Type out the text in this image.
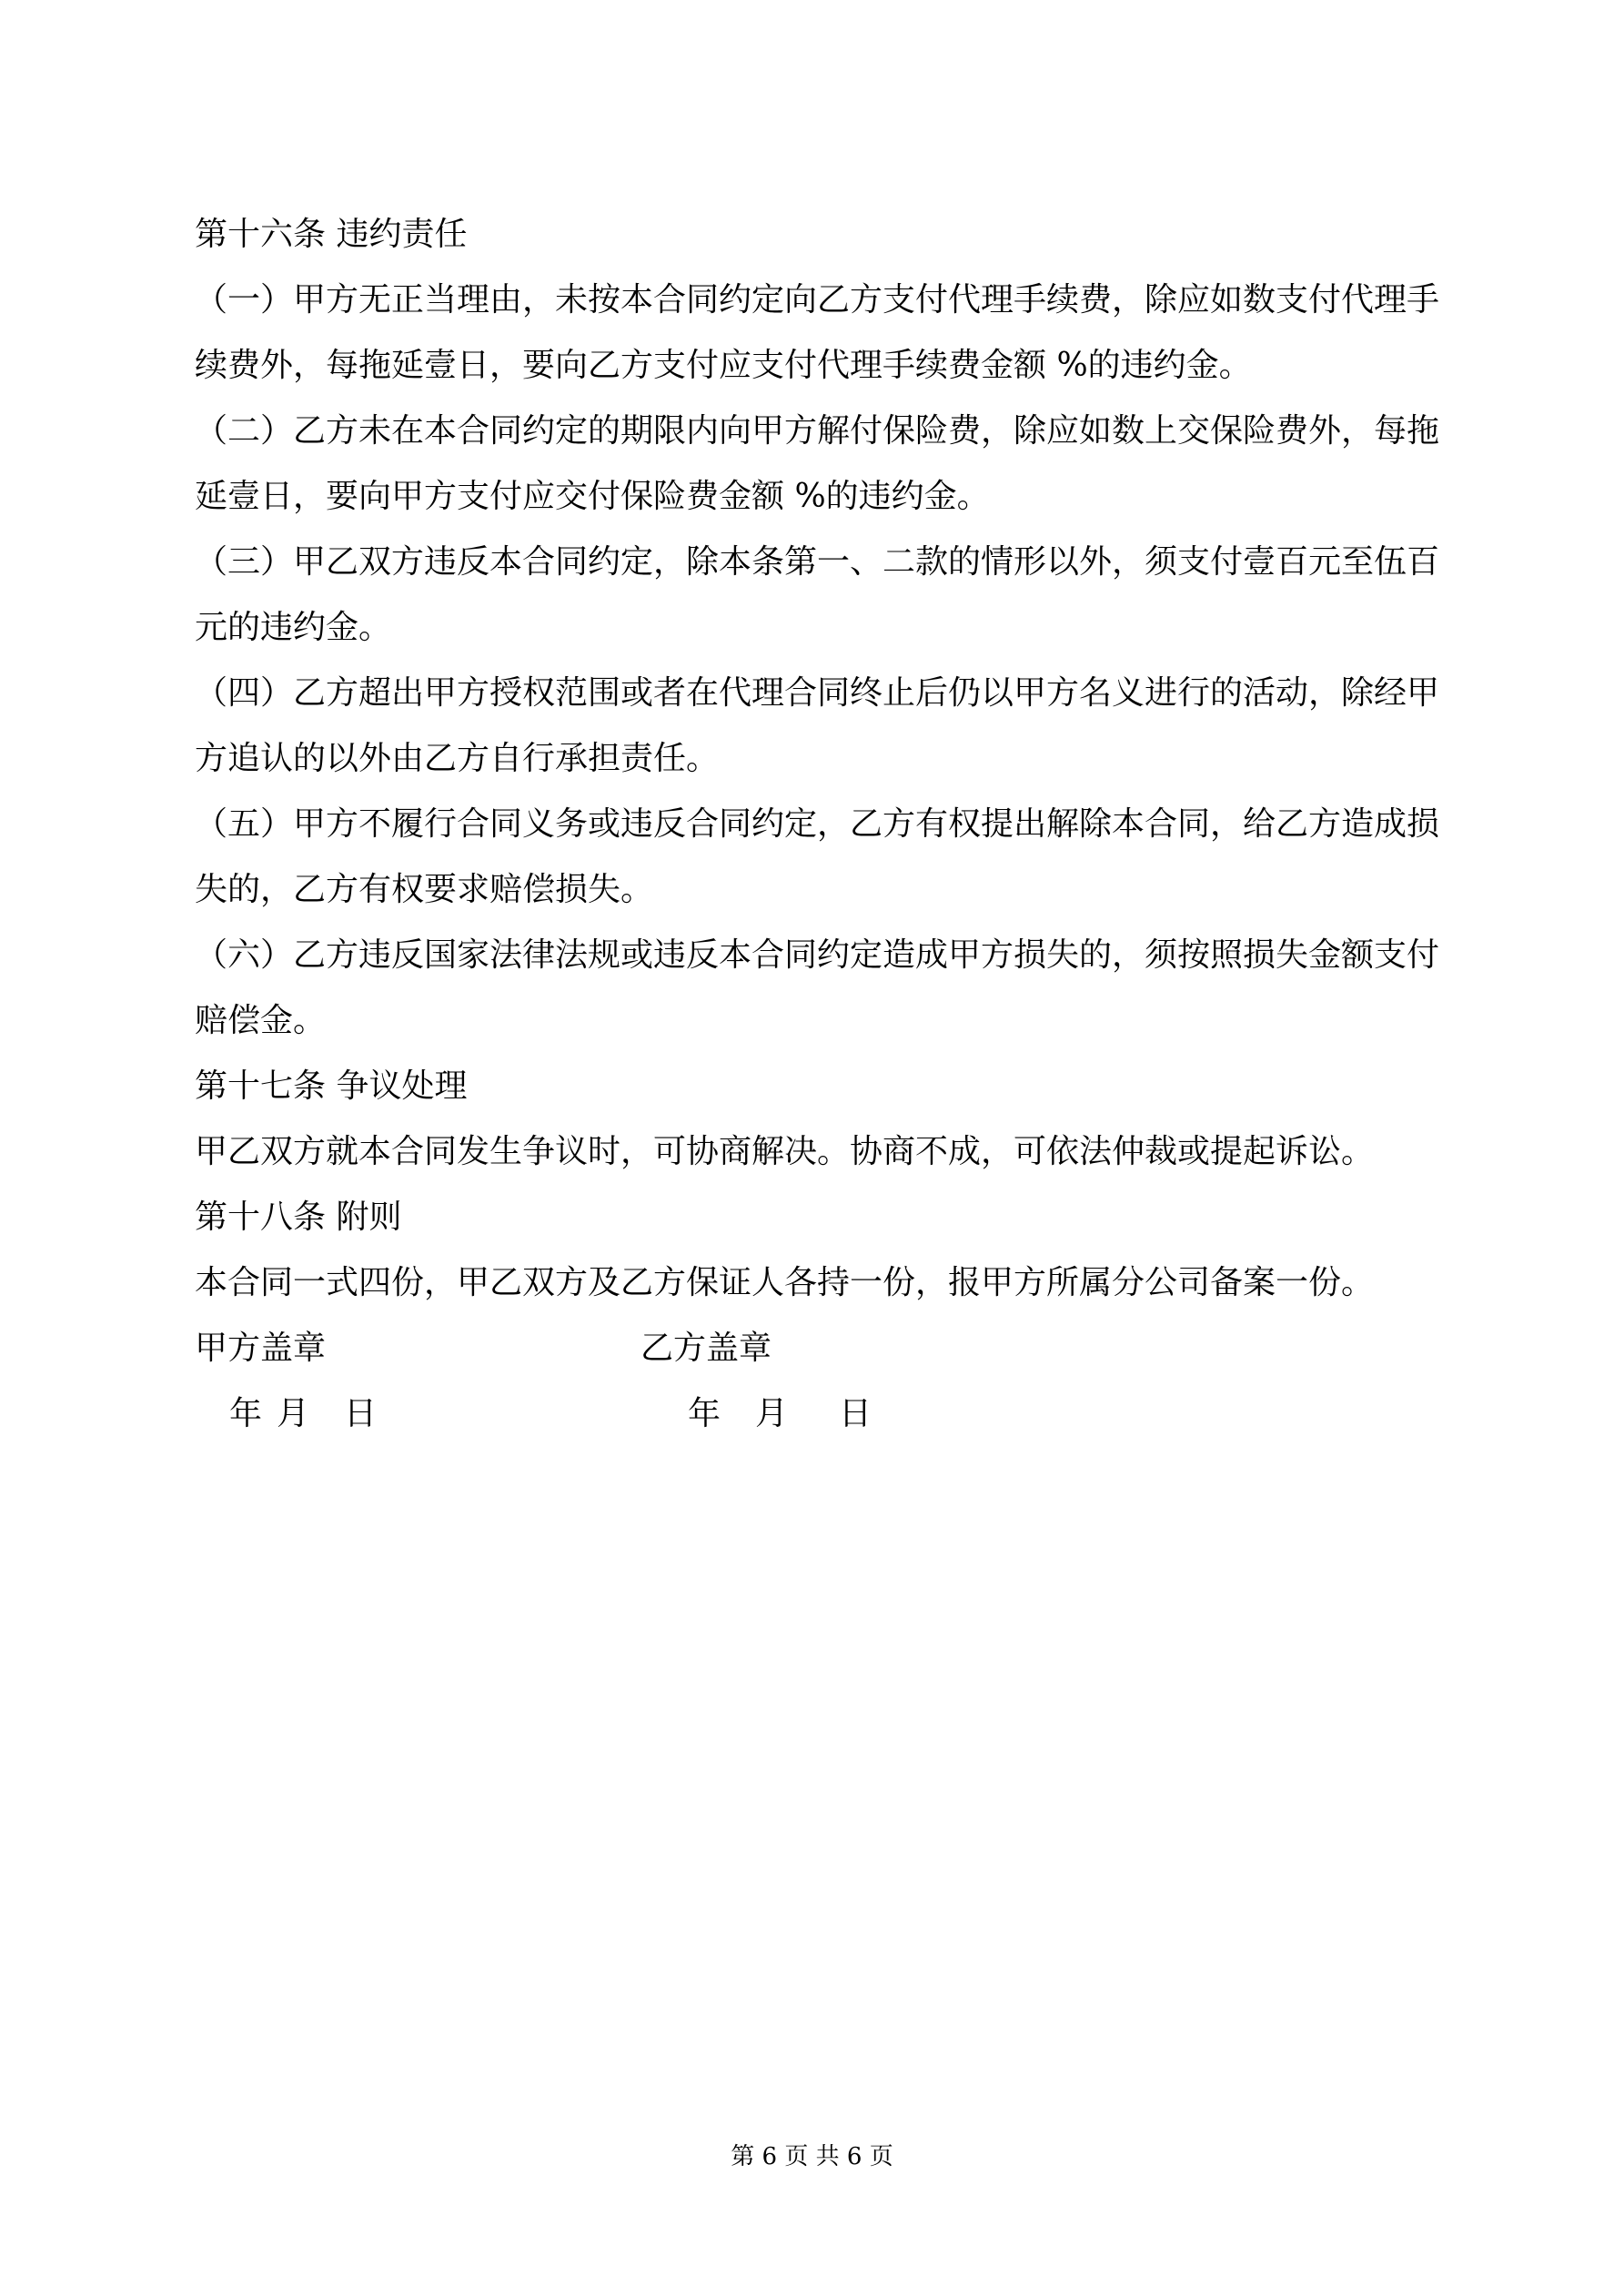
第十六条 违约责任
（一）甲方无正当理由，未按本合同约定向乙方支付代理手续费，除应如数支付代理手
续费外，每拖延壹日，要向乙方支付应支付代理手续费金额 %的违约金。
（二）乙方未在本合同约定的期限内向甲方解付保险费，除应如数上交保险费外，每拖
延壹日，要向甲方支付应交付保险费金额 %的违约金。
（三）甲乙双方违反本合同约定，除本条第一、二款的情形以外，须支付壹百元至伍百
元的违约金。
（四）乙方超出甲方授权范围或者在代理合同终止后仍以甲方名义进行的活动，除经甲
方追认的以外由乙方自行承担责任。
（五）甲方不履行合同义务或违反合同约定，乙方有权提出解除本合同，给乙方造成损
失的，乙方有权要求赔偿损失。
（六）乙方违反国家法律法规或违反本合同约定造成甲方损失的，须按照损失金额支付
赔偿金。
第十七条 争议处理
甲乙双方就本合同发生争议时，可协商解决。协商不成，可依法仲裁或提起诉讼。
第十八条 附则
本合同一式四份，甲乙双方及乙方保证人各持一份，报甲方所属分公司备案一份。
甲方盖章	乙方盖章
年 月 日	年 月 日
第 6 页 共 6 页
